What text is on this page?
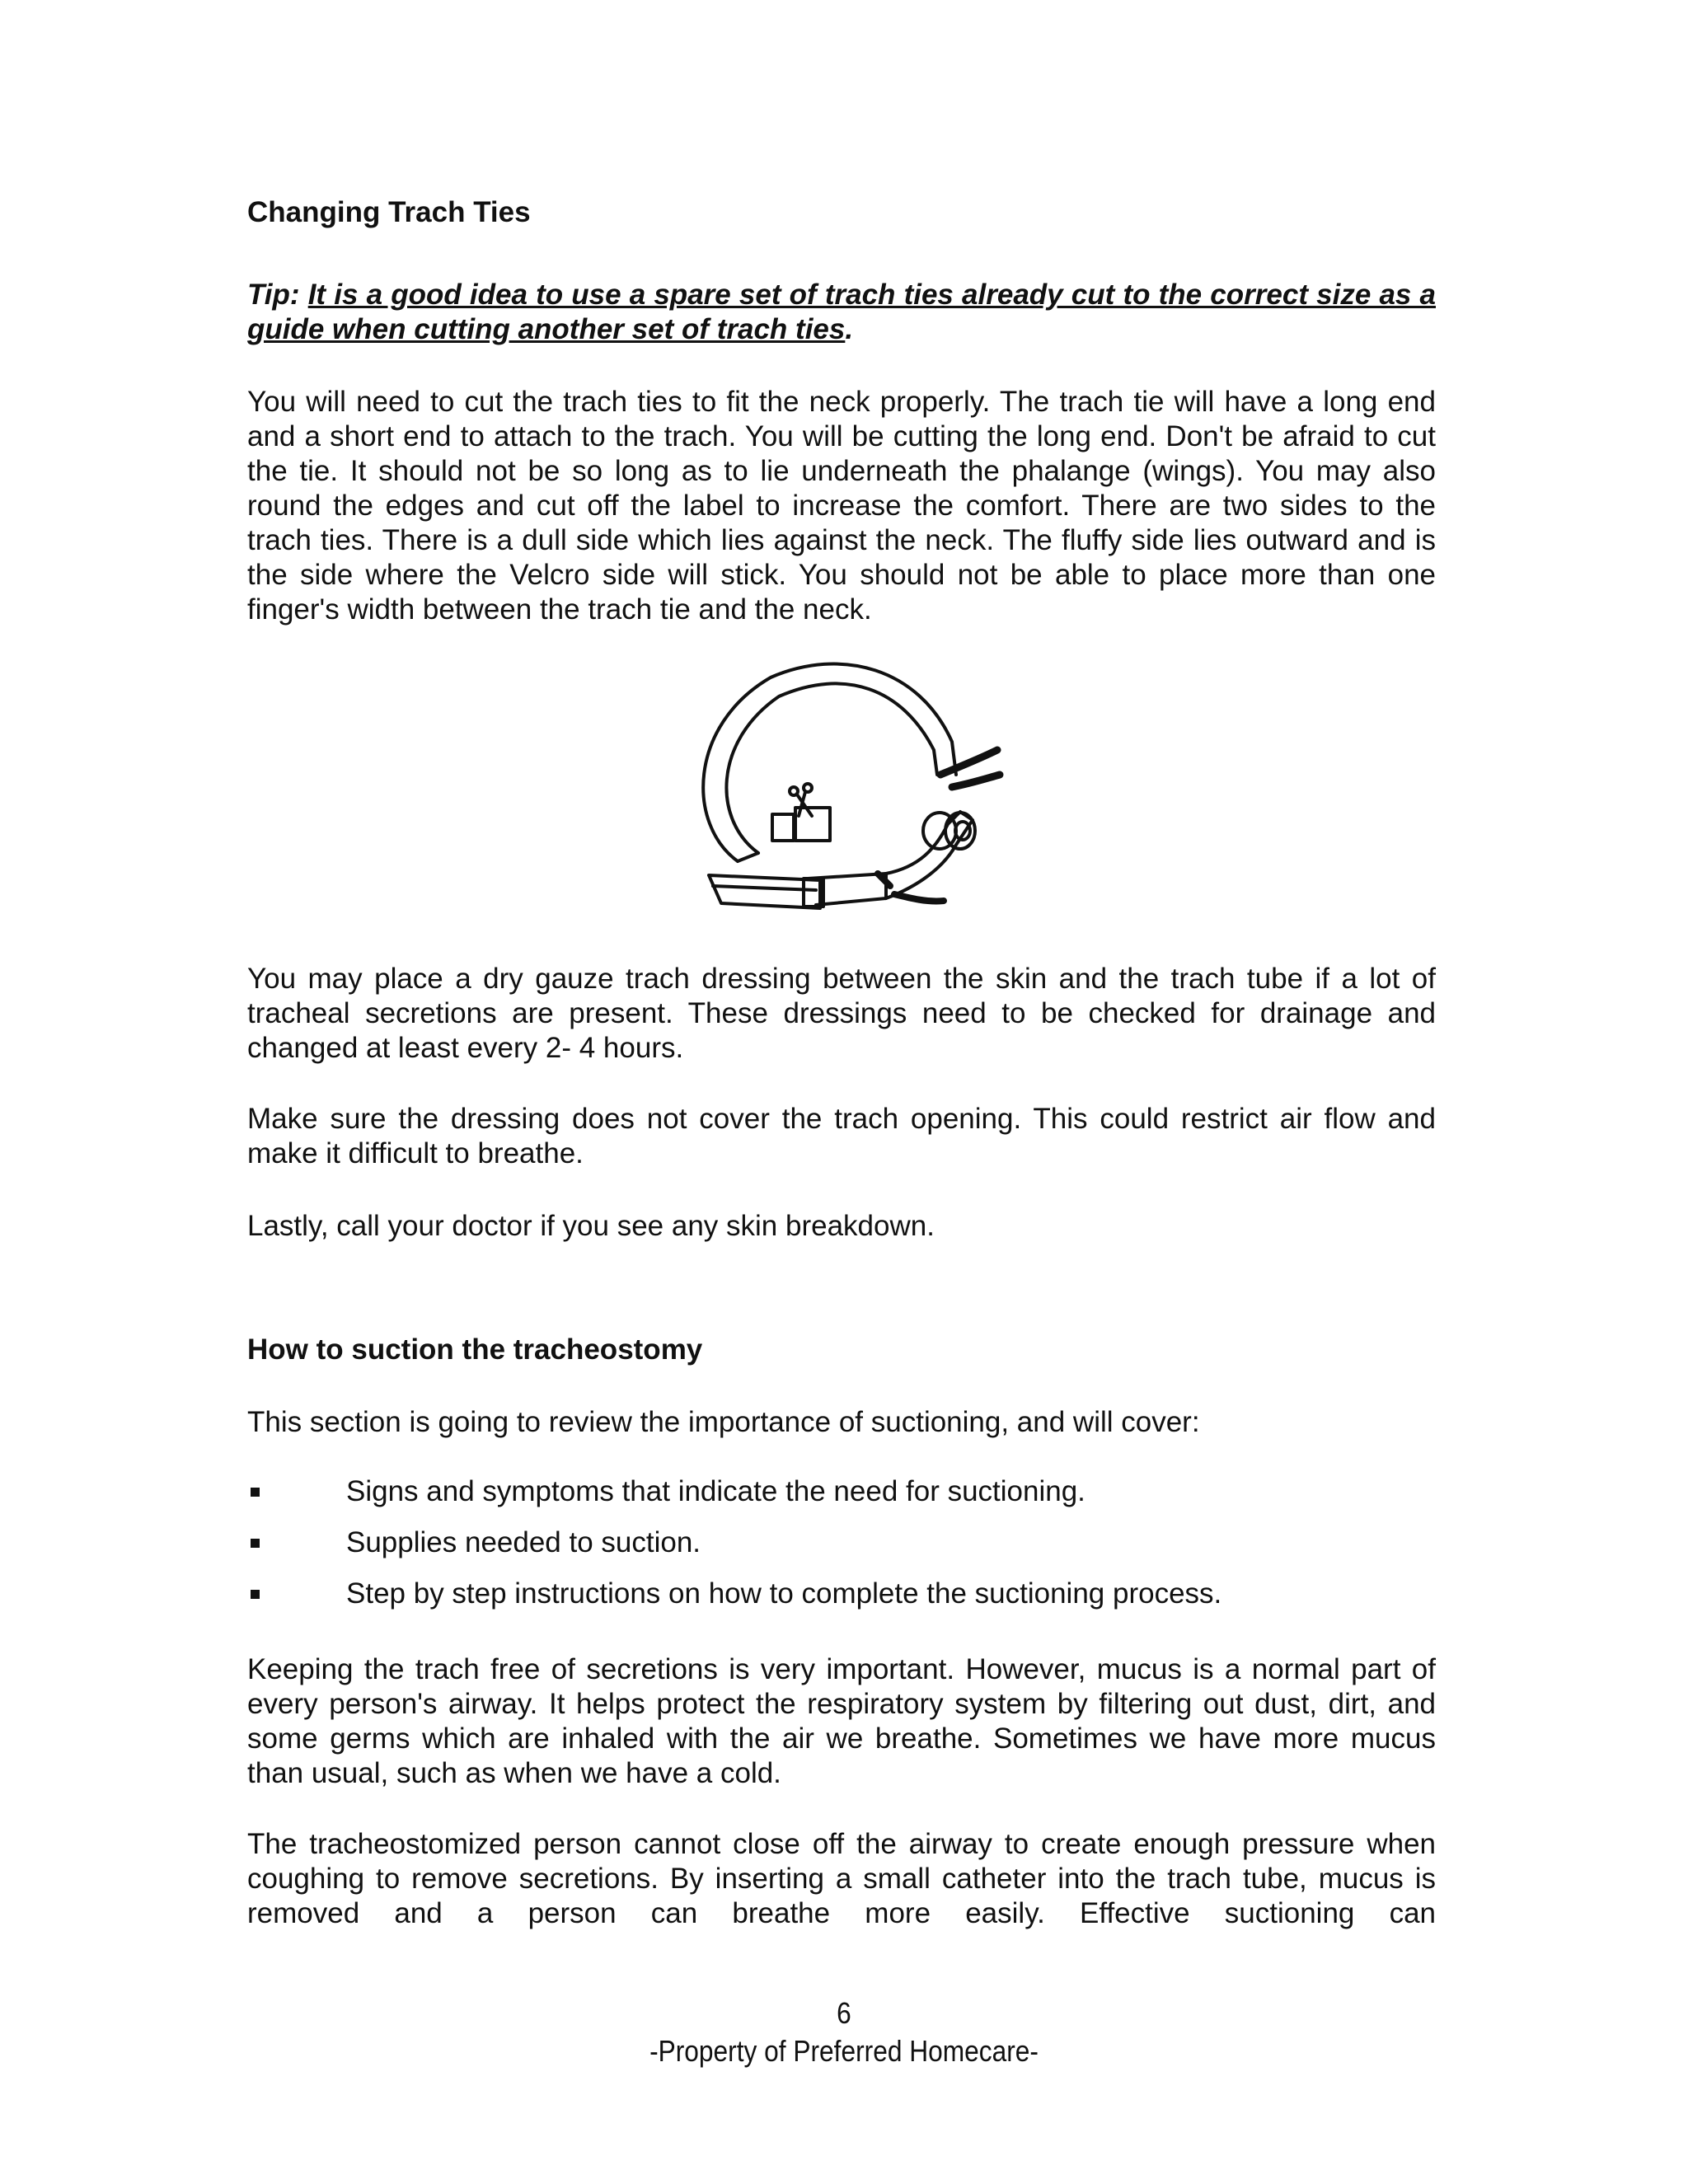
Changing Trach Ties
Tip: It is a good idea to use a spare set of trach ties already cut to the correct size as a guide when cutting another set of trach ties.

You will need to cut the trach ties to fit the neck properly. The trach tie will have a long end and a short end to attach to the trach. You will be cutting the long end. Don't be afraid to cut the tie. It should not be so long as to lie underneath the phalange (wings). You may also round the edges and cut off the label to increase the comfort. There are two sides to the trach ties. There is a dull side which lies against the neck. The fluffy side lies outward and is the side where the Velcro side will stick. You should not be able to place more than one finger's width between the trach tie and the neck.

You may place a dry gauze trach dressing between the skin and the trach tube if a lot of tracheal secretions are present. These dressings need to be checked for drainage and changed at least every 2- 4 hours.

Make sure the dressing does not cover the trach opening. This could restrict air flow and make it difficult to breathe.

Lastly, call your doctor if you see any skin breakdown.

How to suction the tracheostomy

This section is going to review the importance of suctioning, and will cover:

Signs and symptoms that indicate the need for suctioning.
Supplies needed to suction.
Step by step instructions on how to complete the suctioning process.

Keeping the trach free of secretions is very important. However, mucus is a normal part of every person's airway. It helps protect the respiratory system by filtering out dust, dirt, and some germs which are inhaled with the air we breathe. Sometimes we have more mucus than usual, such as when we have a cold.

The tracheostomized person cannot close off the airway to create enough pressure when coughing to remove secretions. By inserting a small catheter into the trach tube, mucus is removed and a person can breathe more easily. Effective suctioning can

6
-Property of Preferred Homecare-
